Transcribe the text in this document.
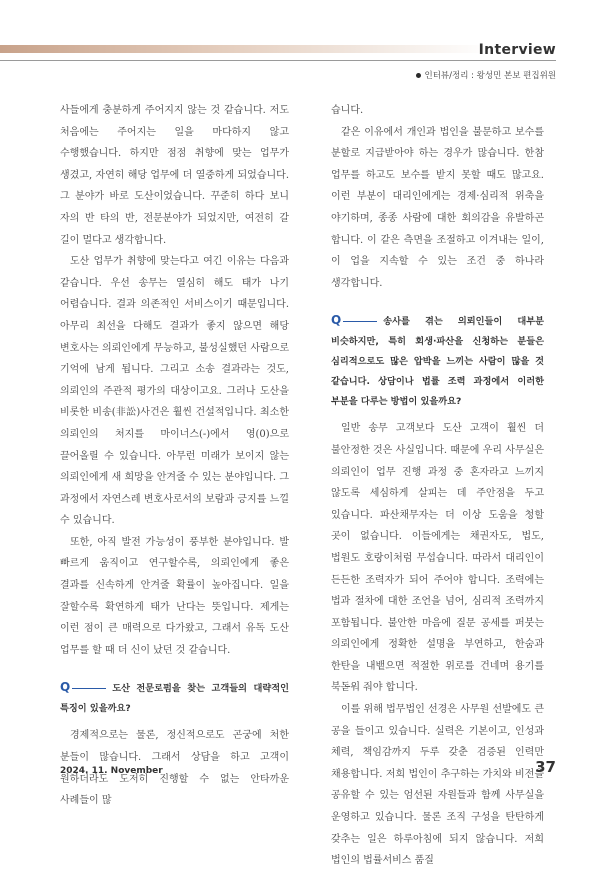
Interview
인터뷰/정리 : 왕성민 본보 편집위원

사들에게 충분하게 주어지지 않는 것 같습니다. 저도 처음에는 주어지는 일을 마다하지 않고 수행했습니다. 하지만 점점 취향에 맞는 업무가 생겼고, 자연히 해당 업무에 더 열중하게 되었습니다. 그 분야가 바로 도산이었습니다. 꾸준히 하다 보니 자의 반 타의 반, 전문분야가 되었지만, 여전히 갈 길이 멀다고 생각합니다.

도산 업무가 취향에 맞는다고 여긴 이유는 다음과 같습니다. 우선 송무는 열심히 해도 태가 나기 어렵습니다. 결과 의존적인 서비스이기 때문입니다. 아무리 최선을 다해도 결과가 좋지 않으면 해당 변호사는 의뢰인에게 무능하고, 불성실했던 사람으로 기억에 남게 됩니다. 그리고 소송 결과라는 것도, 의뢰인의 주관적 평가의 대상이고요. 그러나 도산을 비롯한 비송(非訟)사건은 훨씬 건설적입니다. 최소한 의뢰인의 처지를 마이너스(-)에서 영(0)으로 끌어올릴 수 있습니다. 아무런 미래가 보이지 않는 의뢰인에게 새 희망을 안겨줄 수 있는 분야입니다. 그 과정에서 자연스레 변호사로서의 보람과 긍지를 느낄 수 있습니다.

또한, 아직 발전 가능성이 풍부한 분야입니다. 발 빠르게 움직이고 연구할수록, 의뢰인에게 좋은 결과를 신속하게 안겨줄 확률이 높아집니다. 일을 잘할수록 확연하게 태가 난다는 뜻입니다. 제게는 이런 점이 큰 매력으로 다가왔고, 그래서 유독 도산 업무를 할 때 더 신이 났던 것 같습니다.

Q	도산 전문로펌을 찾는 고객들의 대략적인 특징이 있을까요?

경제적으로는 물론, 정신적으로도 곤궁에 처한 분들이 많습니다. 그래서 상담을 하고 고객이 원하더라도 도저히 진행할 수 없는 안타까운 사례들이 많

습니다.

같은 이유에서 개인과 법인을 불문하고 보수를 분할로 지급받아야 하는 경우가 많습니다. 한참 업무를 하고도 보수를 받지 못할 때도 많고요. 이런 부분이 대리인에게는 경제·심리적 위축을 야기하며, 종종 사람에 대한 회의감을 유발하곤 합니다. 이 같은 측면을 조절하고 이겨내는 일이, 이 업을 지속할 수 있는 조건 중 하나라 생각합니다.

Q	송사를 겪는 의뢰인들이 대부분 비슷하지만, 특히 회생·파산을 신청하는 분들은 심리적으로도 많은 압박을 느끼는 사람이 많을 것 같습니다. 상담이나 법률 조력 과정에서 이러한 부분을 다루는 방법이 있을까요?

일반 송무 고객보다 도산 고객이 훨씬 더 불안정한 것은 사실입니다. 때문에 우리 사무실은 의뢰인이 업무 진행 과정 중 혼자라고 느끼지 않도록 세심하게 살피는 데 주안점을 두고 있습니다. 파산채무자는 더 이상 도움을 청할 곳이 없습니다. 이들에게는 채권자도, 법도, 법원도 호랑이처럼 무섭습니다. 따라서 대리인이 든든한 조력자가 되어 주어야 합니다. 조력에는 법과 절차에 대한 조언을 넘어, 심리적 조력까지 포함됩니다. 불안한 마음에 질문 공세를 퍼붓는 의뢰인에게 정확한 설명을 부연하고, 한숨과 한탄을 내뱉으면 적절한 위로를 건네며 용기를 북돋워 줘야 합니다.

이를 위해 법무법인 선경은 사무원 선발에도 큰 공을 들이고 있습니다. 실력은 기본이고, 인성과 체력, 책임감까지 두루 갖춘 검증된 인력만 채용합니다. 저희 법인이 추구하는 가치와 비전을 공유할 수 있는 엄선된 자원들과 함께 사무실을 운영하고 있습니다. 물론 조직 구성을 탄탄하게 갖추는 일은 하루아침에 되지 않습니다. 저희 법인의 법률서비스 품질

2024. 11. November	37
